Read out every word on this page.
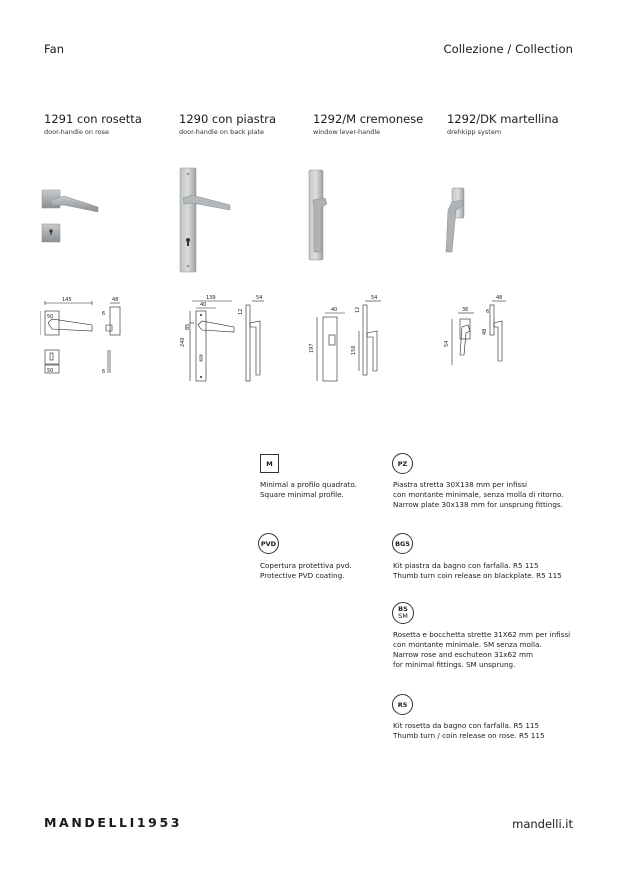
Fan	Collezione / Collection
1291 con rosetta
door-handle on rose
1290 con piastra
door-handle on back plate
1292/M cremonese
window lever-handle
1292/DK martellina
drehkipp system
145
50
48
6
50	6
139
40
240
85
54
12	40
197
54
156
12	36
54
48
6
48
M
Minimal a profilo quadrato.
Square minimal profile.
PVD
Copertura protettiva pvd.
Protective PVD coating.
PZ
Piastra stretta 30X138 mm per infissi
con montante minimale, senza molla di ritorno.
Narrow plate 30x138 mm for unsprung fittings.
BG5
Kit piastra da bagno con farfalla. R5 115
Thumb turn coin release on blackplate. R5 115
BS
SM
Rosetta e bocchetta strette 31X62 mm per infissi
con montante minimale. SM senza molla.
Narrow rose and eschuteon 31x62 mm
for minimal fittings. SM unsprung.
R5
Kit rosetta da bagno con farfalla. R5 115
Thumb turn / coin release on rose. R5 115
MANDELLI1953	mandelli.it
